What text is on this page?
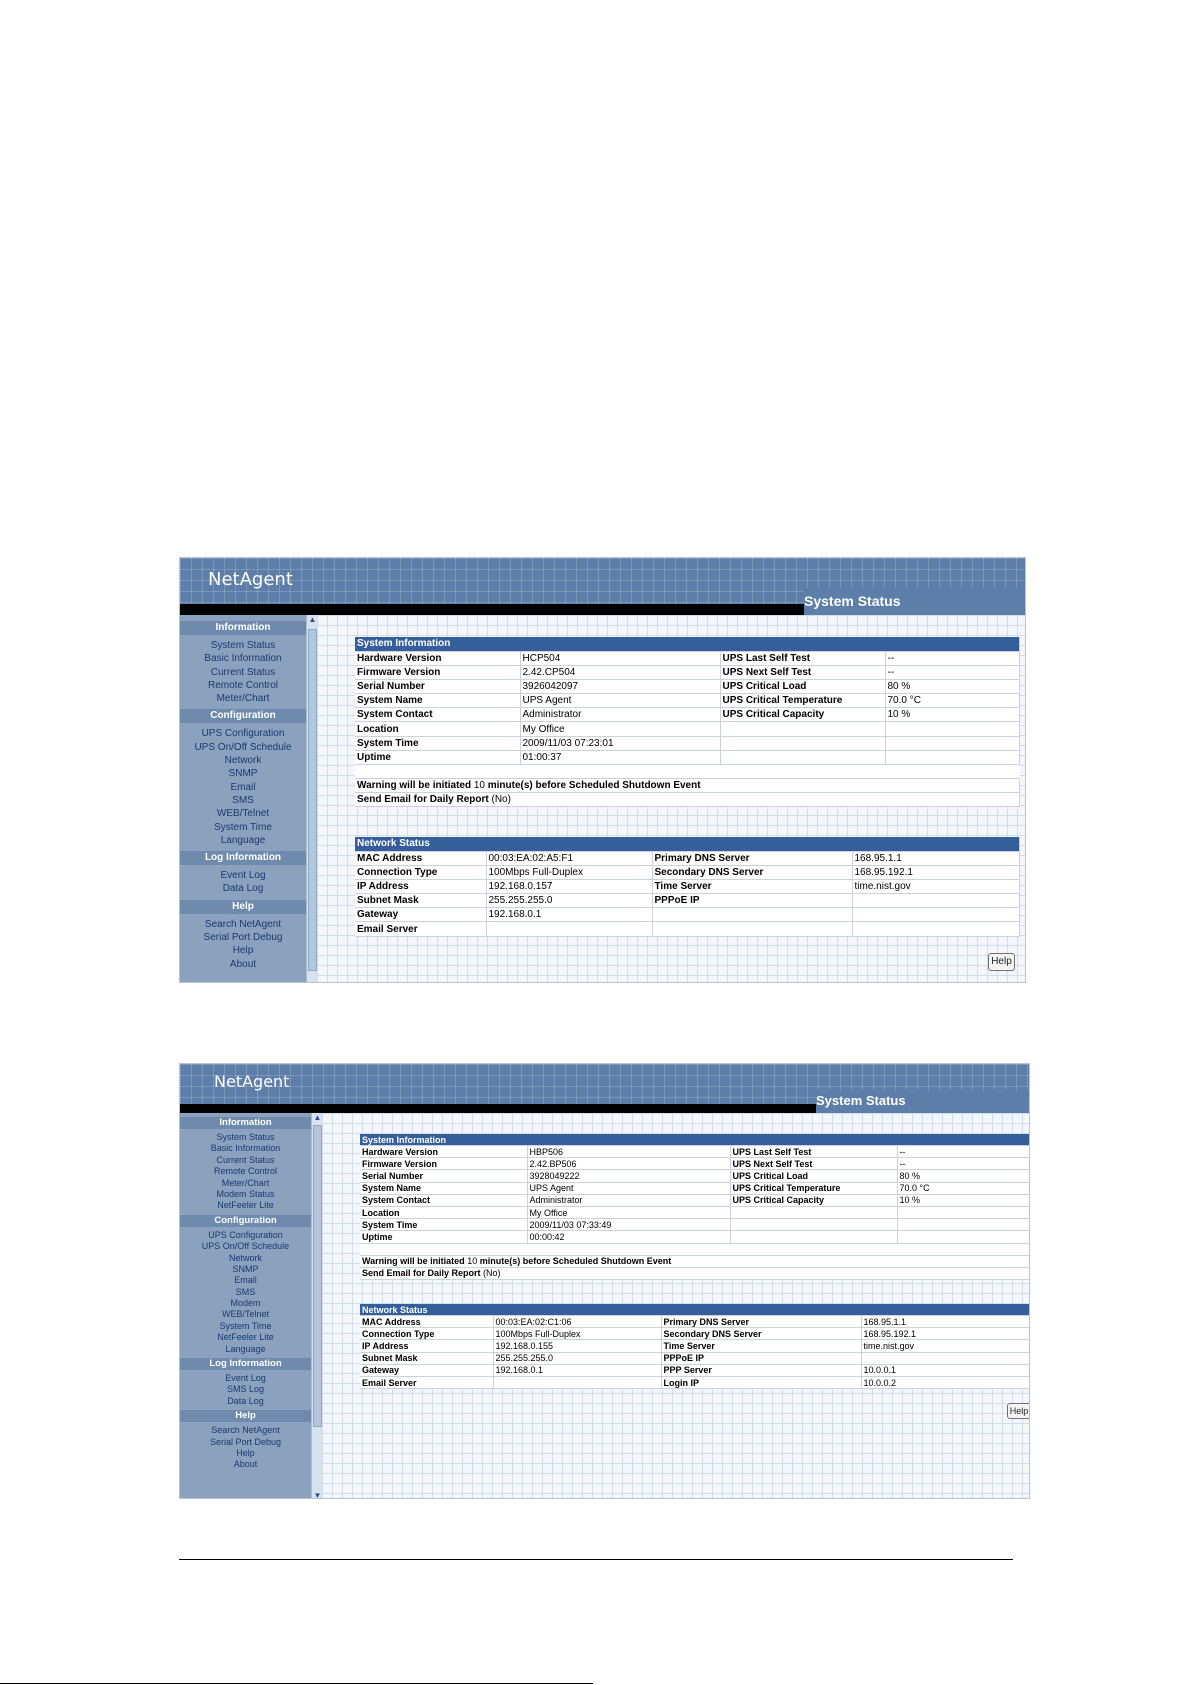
NetAgent
System Status
Information
System Status
Basic Information
Current Status
Remote Control
Meter/Chart
Configuration
UPS Configuration
UPS On/Off Schedule
Network
SNMP
Email
SMS
WEB/Telnet
System Time
Language
Log Information
Event Log
Data Log
Help
Search NetAgent
Serial Port Debug
Help
About
▲
System Information			
Hardware Version	HCP504	UPS Last Self Test	--
Firmware Version	2.42.CP504	UPS Next Self Test	--
Serial Number	3926042097	UPS Critical Load	80 %
System Name	UPS Agent	UPS Critical Temperature	70.0 °C
System Contact	Administrator	UPS Critical Capacity	10 %
Location	My Office		
System Time	2009/11/03 07:23:01		
Uptime	01:00:37		

Warning will be initiated 10 minute(s) before Scheduled Shutdown Event			
Send Email for Daily Report (No)			
Network Status			
MAC Address	00:03:EA:02:A5:F1	Primary DNS Server	168.95.1.1
Connection Type	100Mbps Full-Duplex	Secondary DNS Server	168.95.192.1
IP Address	192.168.0.157	Time Server	time.nist.gov
Subnet Mask	255.255.255.0	PPPoE IP	
Gateway	192.168.0.1		
Email Server			
Help
NetAgent
System Status
Information
System Status
Basic Information
Current Status
Remote Control
Meter/Chart
Modem Status
NetFeeler Lite
Configuration
UPS Configuration
UPS On/Off Schedule
Network
SNMP
Email
SMS
Modem
WEB/Telnet
System Time
NetFeeler Lite
Language
Log Information
Event Log
SMS Log
Data Log
Help
Search NetAgent
Serial Port Debug
Help
About
▲
▼
System Information			
Hardware Version	HBP506	UPS Last Self Test	--
Firmware Version	2.42.BP506	UPS Next Self Test	--
Serial Number	3928049222	UPS Critical Load	80 %
System Name	UPS Agent	UPS Critical Temperature	70.0 °C
System Contact	Administrator	UPS Critical Capacity	10 %
Location	My Office		
System Time	2009/11/03 07:33:49		
Uptime	00:00:42		

Warning will be initiated 10 minute(s) before Scheduled Shutdown Event			
Send Email for Daily Report (No)			
Network Status			
MAC Address	00:03:EA:02:C1:06	Primary DNS Server	168.95.1.1
Connection Type	100Mbps Full-Duplex	Secondary DNS Server	168.95.192.1
IP Address	192.168.0.155	Time Server	time.nist.gov
Subnet Mask	255.255.255.0	PPPoE IP	
Gateway	192.168.0.1	PPP Server	10.0.0.1
Email Server		Login IP	10.0.0.2
Help
